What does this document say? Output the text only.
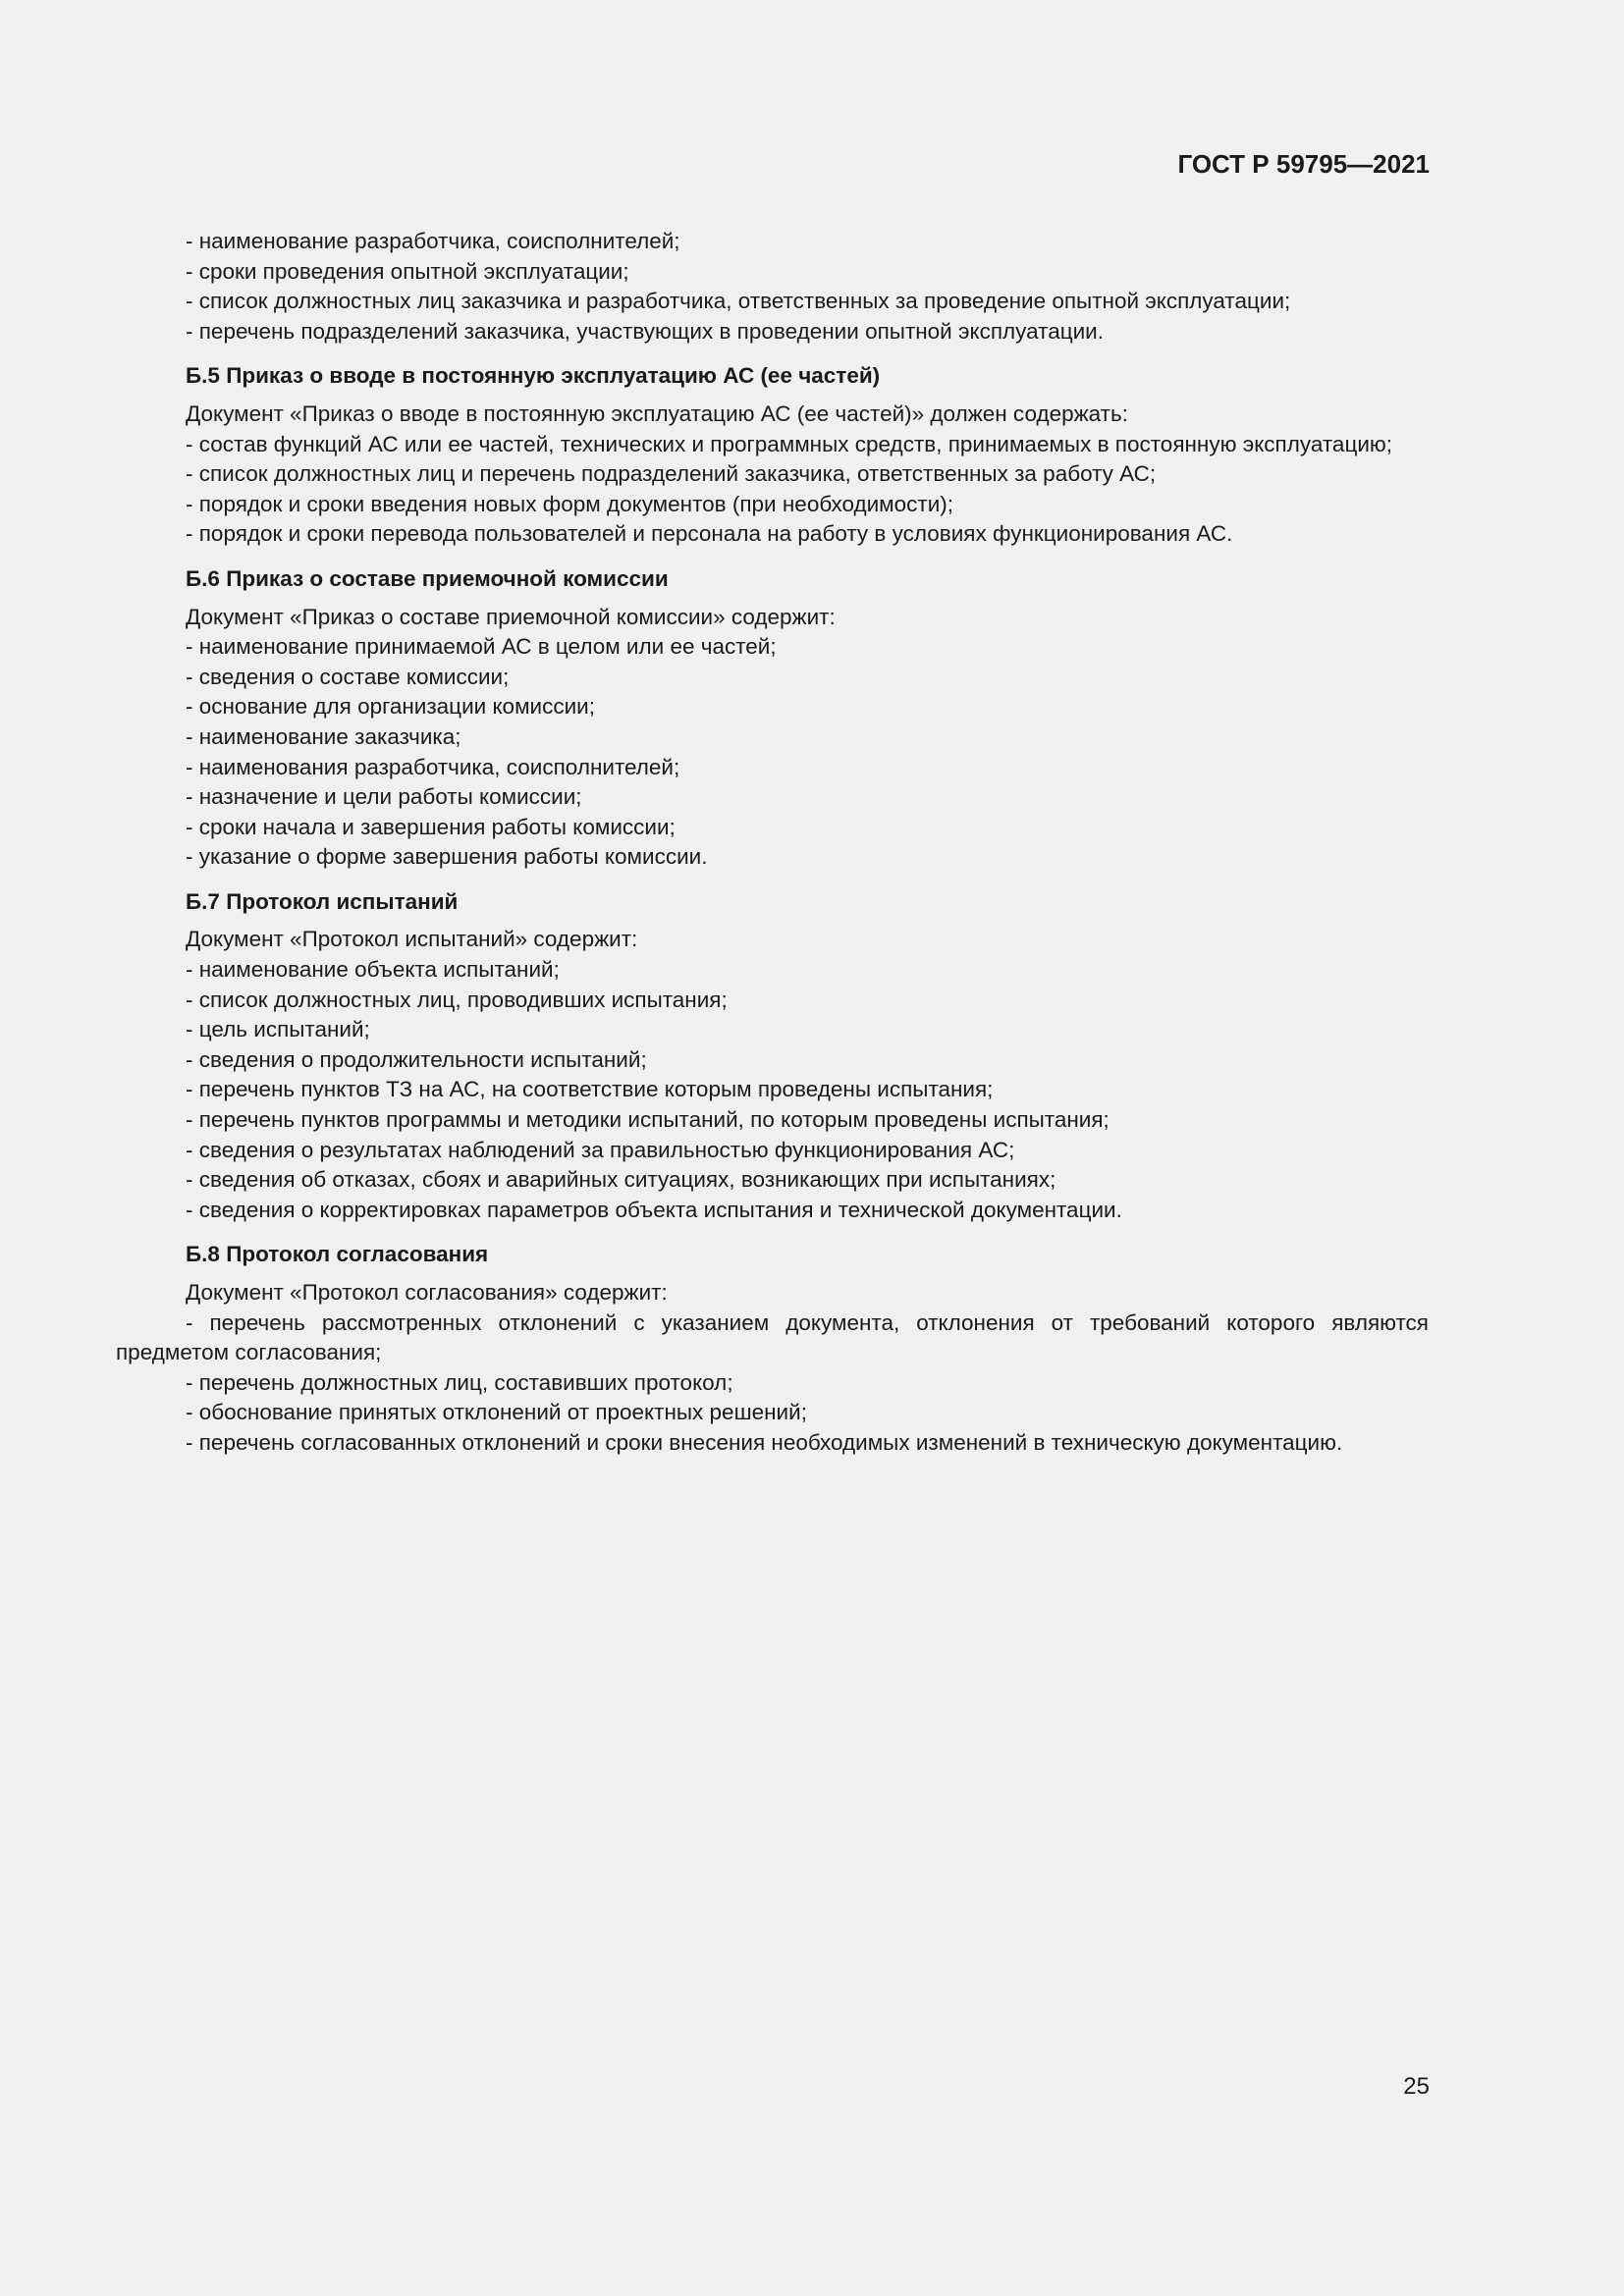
ГОСТ Р 59795—2021

- наименование разработчика, соисполнителей;

- сроки проведения опытной эксплуатации;

- список должностных лиц заказчика и разработчика, ответственных за проведение опытной эксплуатации;

- перечень подразделений заказчика, участвующих в проведении опытной эксплуатации.

Б.5 Приказ о вводе в постоянную эксплуатацию АС (ее частей)

Документ «Приказ о вводе в постоянную эксплуатацию АС (ее частей)» должен содержать:

- состав функций АС или ее частей, технических и программных средств, принимаемых в постоянную эксплуатацию;

- список должностных лиц и перечень подразделений заказчика, ответственных за работу АС;

- порядок и сроки введения новых форм документов (при необходимости);

- порядок и сроки перевода пользователей и персонала на работу в условиях функционирования АС.

Б.6 Приказ о составе приемочной комиссии

Документ «Приказ о составе приемочной комиссии» содержит:

- наименование принимаемой АС в целом или ее частей;

- сведения о составе комиссии;

- основание для организации комиссии;

- наименование заказчика;

- наименования разработчика, соисполнителей;

- назначение и цели работы комиссии;

- сроки начала и завершения работы комиссии;

- указание о форме завершения работы комиссии.

Б.7 Протокол испытаний

Документ «Протокол испытаний» содержит:

- наименование объекта испытаний;

- список должностных лиц, проводивших испытания;

- цель испытаний;

- сведения о продолжительности испытаний;

- перечень пунктов ТЗ на АС, на соответствие которым проведены испытания;

- перечень пунктов программы и методики испытаний, по которым проведены испытания;

- сведения о результатах наблюдений за правильностью функционирования АС;

- сведения об отказах, сбоях и аварийных ситуациях, возникающих при испытаниях;

- сведения о корректировках параметров объекта испытания и технической документации.

Б.8 Протокол согласования

Документ «Протокол согласования» содержит:

- перечень рассмотренных отклонений с указанием документа, отклонения от требований которого являются предметом согласования;

- перечень должностных лиц, составивших протокол;

- обоснование принятых отклонений от проектных решений;

- перечень согласованных отклонений и сроки внесения необходимых изменений в техническую документацию.

25
